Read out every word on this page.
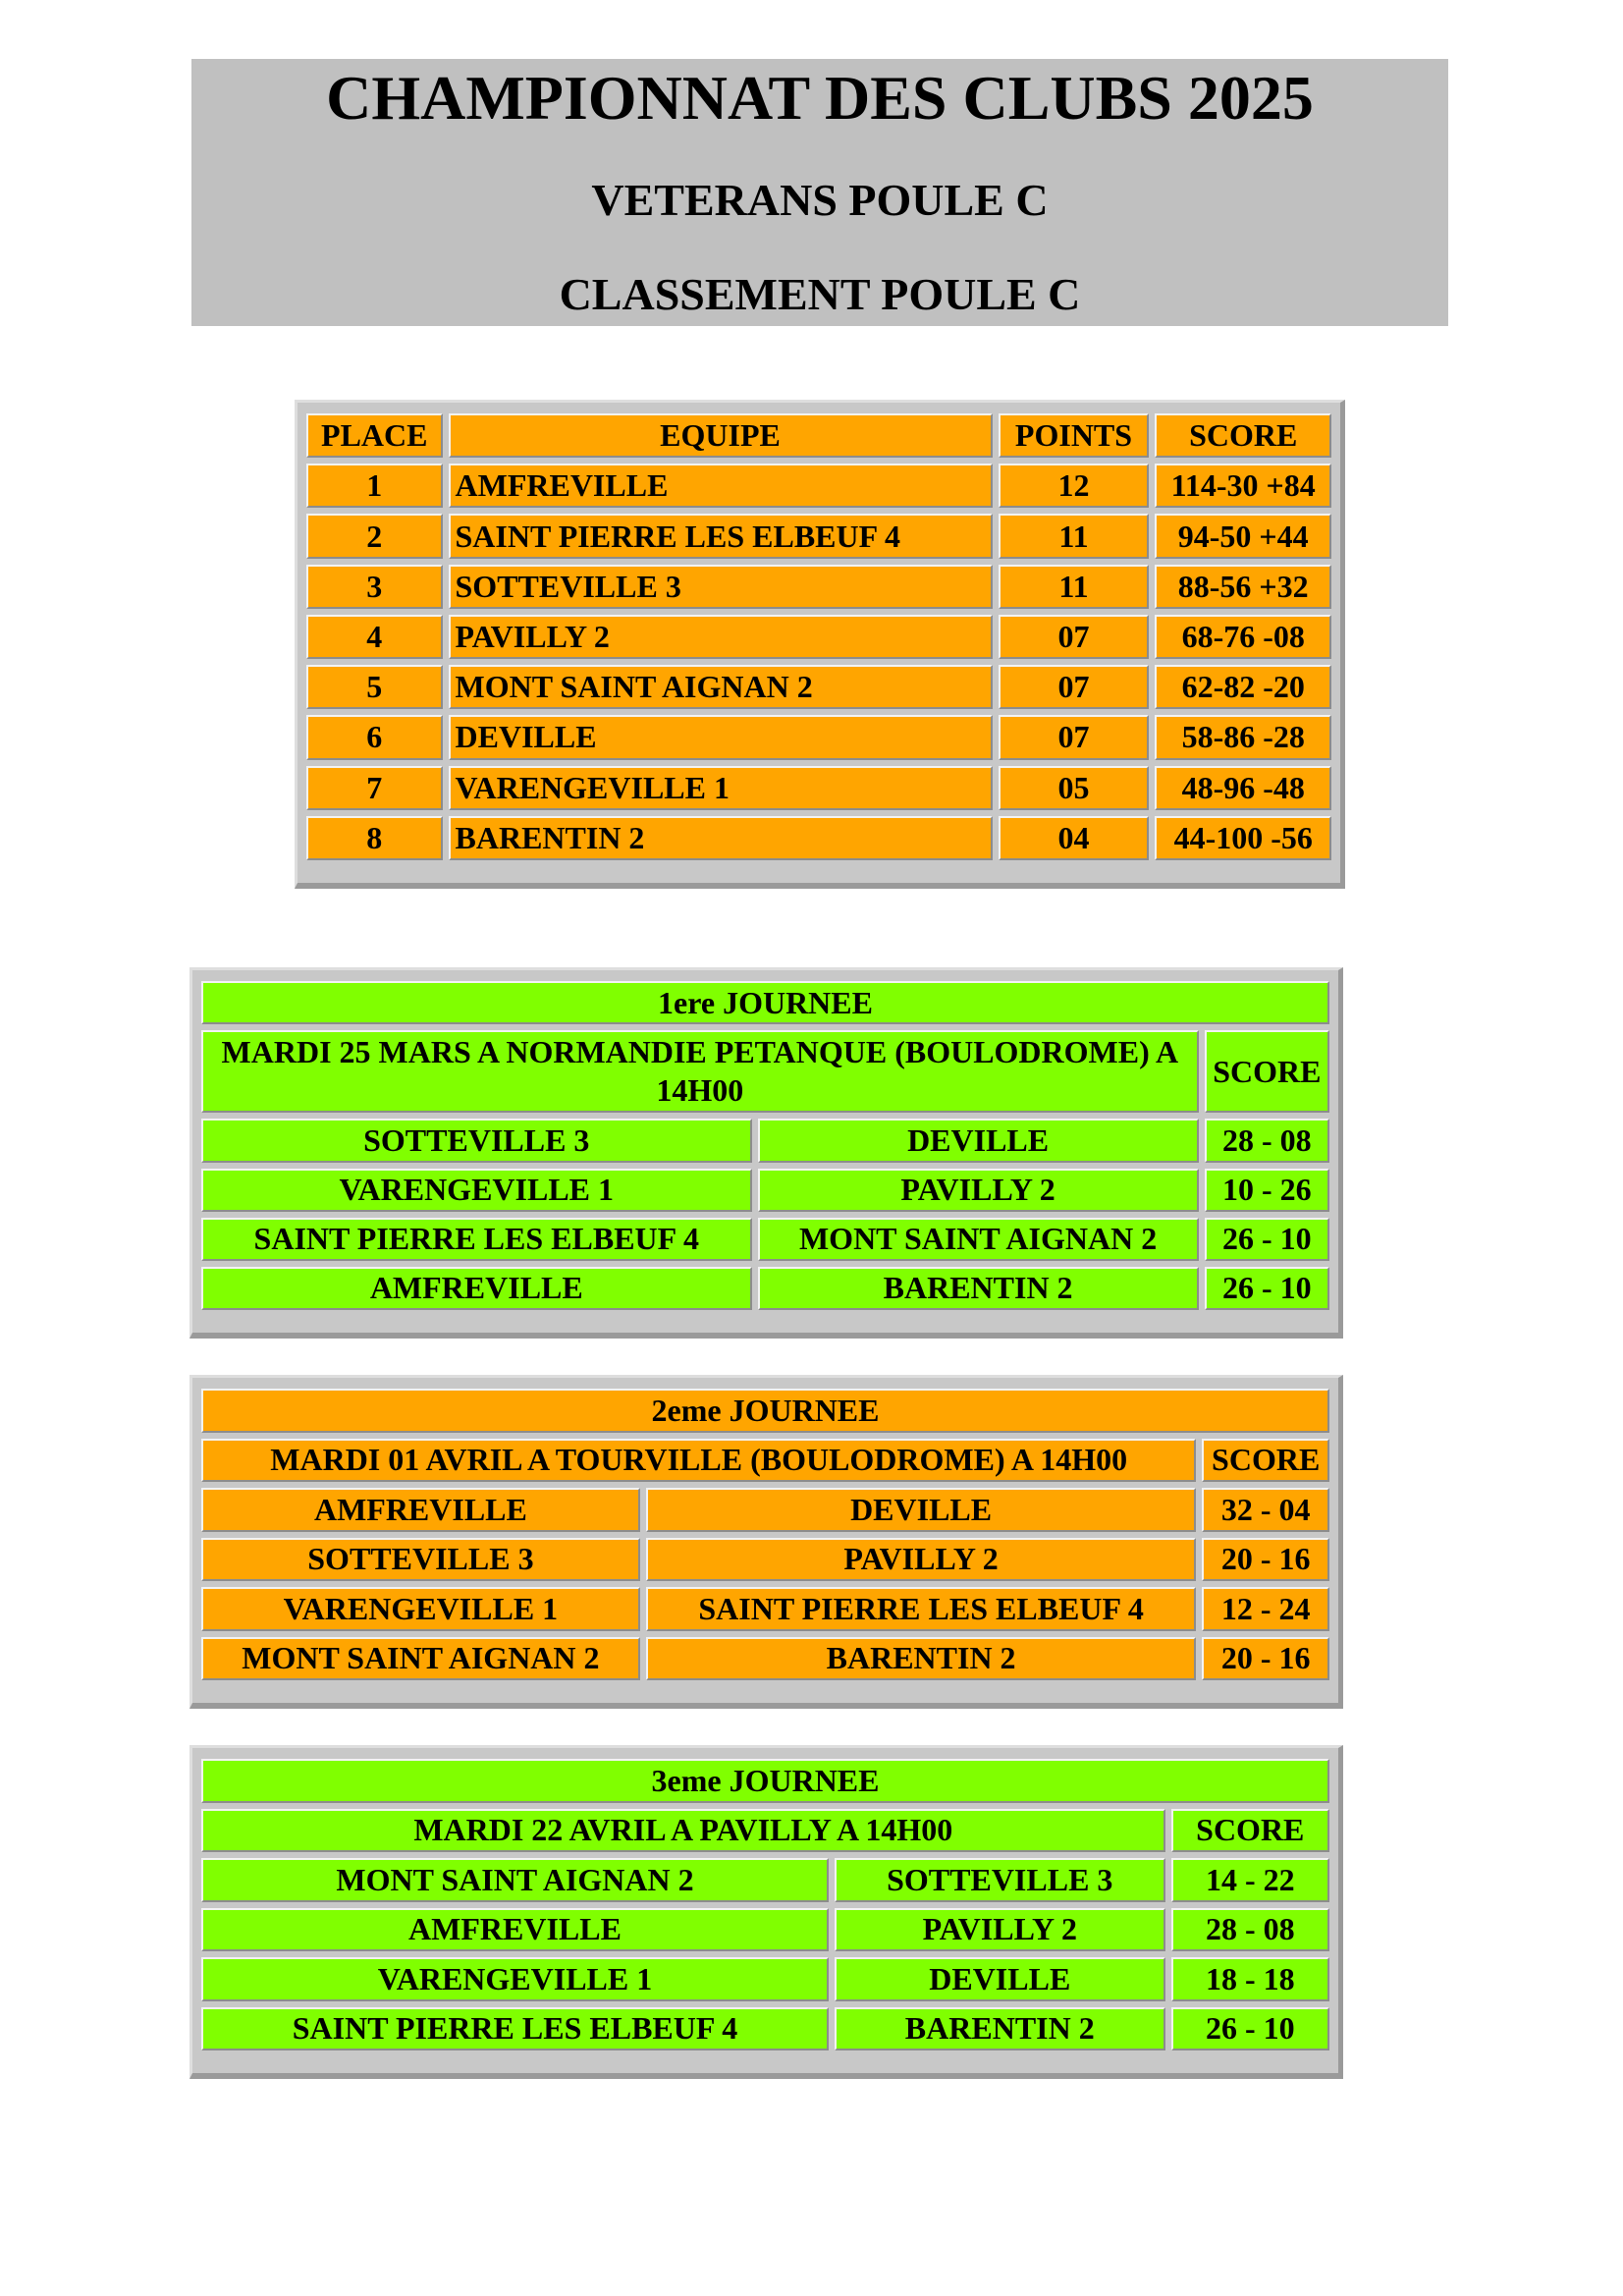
CHAMPIONNAT DES CLUBS 2025
VETERANS POULE C
CLASSEMENT POULE C
PLACE	EQUIPE	POINTS	SCORE
1	AMFREVILLE	12	114-30 +84
2	SAINT PIERRE LES ELBEUF 4	11	94-50 +44
3	SOTTEVILLE 3	11	88-56 +32
4	PAVILLY 2	07	68-76 -08
5	MONT SAINT AIGNAN 2	07	62-82 -20
6	DEVILLE	07	58-86 -28
7	VARENGEVILLE 1	05	48-96 -48
8	BARENTIN 2	04	44-100 -56
1ere JOURNEE		
MARDI 25 MARS A NORMANDIE PETANQUE (BOULODROME) A 14H00		SCORE
SOTTEVILLE 3	DEVILLE	28 - 08
VARENGEVILLE 1	PAVILLY 2	10 - 26
SAINT PIERRE LES ELBEUF 4	MONT SAINT AIGNAN 2	26 - 10
AMFREVILLE	BARENTIN 2	26 - 10
2eme JOURNEE		
MARDI 01 AVRIL A TOURVILLE (BOULODROME) A 14H00		SCORE
AMFREVILLE	DEVILLE	32 - 04
SOTTEVILLE 3	PAVILLY 2	20 - 16
VARENGEVILLE 1	SAINT PIERRE LES ELBEUF 4	12 - 24
MONT SAINT AIGNAN 2	BARENTIN 2	20 - 16
3eme JOURNEE		
MARDI 22 AVRIL A PAVILLY A 14H00		SCORE
MONT SAINT AIGNAN 2	SOTTEVILLE 3	14 - 22
AMFREVILLE	PAVILLY 2	28 - 08
VARENGEVILLE 1	DEVILLE	18 - 18
SAINT PIERRE LES ELBEUF 4	BARENTIN 2	26 - 10
